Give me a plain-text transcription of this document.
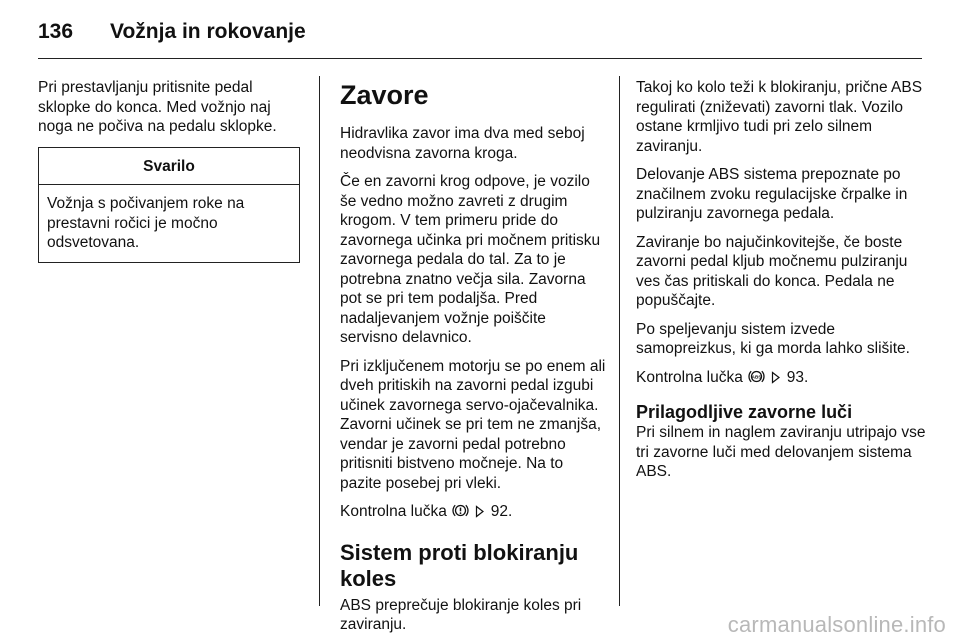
136 Vožnja in rokovanje

Pri prestavljanju pritisnite pedal sklopke do konca. Med vožnjo naj noga ne počiva na pedalu sklopke.

Svarilo

Vožnja s počivanjem roke na prestavni ročici je močno odsvetovana.

Zavore

Hidravlika zavor ima dva med seboj neodvisna zavorna kroga.

Če en zavorni krog odpove, je vozilo še vedno možno zavreti z drugim krogom. V tem primeru pride do zavornega učinka pri močnem pritisku zavornega pedala do tal. Za to je potrebna znatno večja sila. Zavorna pot se pri tem podaljša. Pred nadaljevanjem vožnje poiščite servisno delavnico.

Pri izključenem motorju se po enem ali dveh pritiskih na zavorni pedal izgubi učinek zavornega servo-ojačevalnika. Zavorni učinek se pri tem ne zmanjša, vendar je zavorni pedal potrebno pritisniti bistveno močneje. Na to pazite posebej pri vleki.

Kontrolna lučka	92.

Sistem proti blokiranju koles

ABS preprečuje blokiranje koles pri zaviranju.

Takoj ko kolo teži k blokiranju, prične ABS regulirati (zniževati) zavorni tlak. Vozilo ostane krmljivo tudi pri zelo silnem zaviranju.

Delovanje ABS sistema prepoznate po značilnem zvoku regulacijske črpalke in pulziranju zavornega pedala.

Zaviranje bo najučinkovitejše, če boste zavorni pedal kljub močnemu pulziranju ves čas pritiskali do konca. Pedala ne popuščajte.

Po speljevanju sistem izvede samopreizkus, ki ga morda lahko slišite.

Kontrolna lučka ABS 93.

Prilagodljive zavorne luči

Pri silnem in naglem zaviranju utripajo vse tri zavorne luči med delovanjem sistema ABS.

carmanualsonline.info
